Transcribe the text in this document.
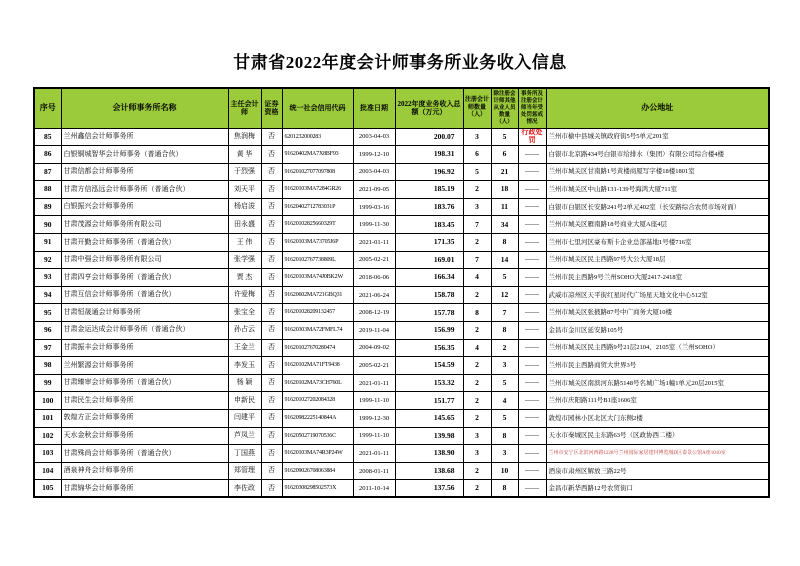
甘肃省2022年度会计师事务所业务收入信息
序号	会计师事务所名称	主任会计师	证券资格	统一社会信用代码	批准日期	2022年度业务收入总额（万元）	注册会计师数量（人）	除注册会计师其他从业人员数量（人）	事务所及注册会计师当年受处罚惩戒情况	办公地址
85	兰州鑫信会计师事务所	焦润梅	否	6201232000283	2003-04-03	200.07	3	5	行政处罚	兰州市榆中县城关镇政府街5号5单元201室
86	白银铜城智华会计师事务（普通合伙）	黄 华	否	91620402MA7X8BF93	1999-12-10	198.31	6	6	——	白银市北京路434号白银市给排水（集团）有限公司综合楼4楼
87	甘肃信都会计师事务所	于烈强	否	916201027077097808	2003-04-03	196.92	5	21	——	兰州市城关区甘南路1号黄楼商厦写字楼18楼1801室
88	甘肃方信泓远会计师事务所（普通合伙）	刘天平	否	91620103MA7284GR26	2021-09-05	185.19	2	18	——	兰州市城关区中山路131-139号海鸿大厦711室
89	白银振兴会计师事务所	杨启浚	否	91620402712783031P	1999-03-16	183.76	3	11	——	白银市白银区长安路241号2单元402室（长安路综合农贸市场对面）
90	甘肃茂源会计师事务所有限公司	田永盛	否	91620102825660329T	1999-11-30	183.45	7	34	——	兰州市城关区雁南路18号商业大厦A座4层
91	甘肃开勤会计师事务所（普通合伙）	王 伟	否	91620103MA73705J6P	2021-01-11	171.35	2	8	——	兰州市七里河区豪布斯卡企业总部基地1号楼716室
92	甘肃中强会计师事务所有限公司	张学强	否	91620102767738809L	2005-02-21	169.01	7	14	——	兰州市城关区民主西路97号大公大厦18层
93	甘肃四亨会计师事务所（普通合伙）	贾 杰	否	91620103MA74J0BK2W	2018-06-06	166.34	4	5	——	兰州市民主西路9号兰州SOHO大厦2417-2418室
94	甘肃互信会计师事务所（普通合伙）	许爱梅	否	91620602MA721GBQ31	2021-06-24	158.78	2	12	——	武威市凉州区天平街红星时代广场星天地文化中心512室
95	甘肃恒晟通会计师事务所	张宝全	否	916201028209132457	2008-12-19	157.78	8	7	——	兰州市城关区张掖路87号中广商务大厦10楼
96	甘肃金运达成会计师事务所（普通合伙）	孙占云	否	91620303MA72FMFL74	2019-11-04	156.99	2	8	——	金昌市金川区延安路105号
97	甘肃振丰会计师事务所	王金兰	否	916201027670280474	2004-09-02	156.35	4	2	——	兰州市城关区民主西路9号21层2104、2105室（兰州SOHO）
98	兰州繁源会计师事务所	李发玉	否	91620102MA71FT9438	2005-02-21	154.59	2	3	——	兰州市民主西路商贸大世界3号
99	甘肃臻审会计师事务所（普通合伙）	杨 颖	否	91620102MA73CH760L	2021-01-11	153.32	2	5	——	兰州市城关区南滨河东路5148号名城广场1幢1单元20层2015室
100	甘肃民生会计师事务所	申新民	否	916201027202084328	1999-11-10	151.77	2	4	——	兰州市庆阳路111号B1座1606室
101	敦煌方正会计师事务所	闫建平	否	91620982225140844A	1999-12-30	145.65	2	5	——	敦煌市园林小区北区大门东侧2楼
102	天水金秋会计师事务所	芦凤兰	否	91620502719070536C	1999-11-10	139.98	3	8	——	天水市秦城区民主东路63号（区政协西二楼）
103	甘肃殊尚会计师事务所（普通合伙）	丁国燕	否	91620103MA74R3P24W	2021-01-11	138.90	3	3	——	兰州市安宁区北滨河西路1228号兰州国际家居建材博览城D区泰景公馆A座1010室
104	酒泉神舟会计师事务所	郑管理	否	916209026708063884	2008-01-11	138.68	2	10	——	酒泉市肃州区解放三路22号
105	甘肃锦华会计师事务所	李佐政	否	91620308298502573X	2011-10-14	137.56	2	8	——	金昌市新华西路12号农贸街口
